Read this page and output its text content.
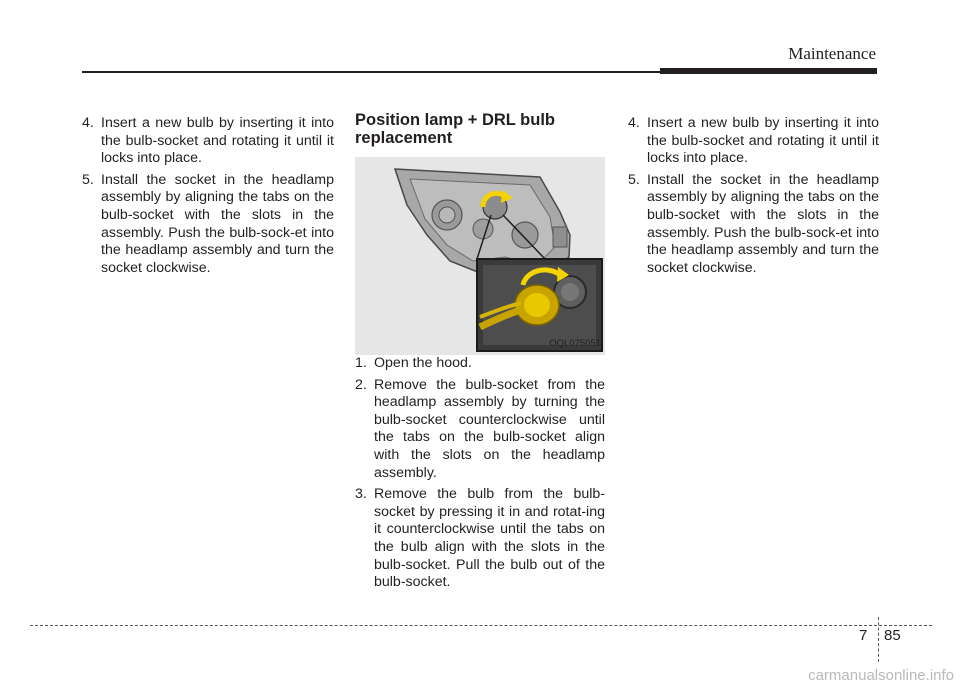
Maintenance
4. Insert a new bulb by inserting it into the bulb-socket and rotating it until it locks into place.
5. Install the socket in the headlamp assembly by aligning the tabs on the bulb-socket with the slots in the assembly. Push the bulb-sock-et into the headlamp assembly and turn the socket clockwise.
Position lamp + DRL bulb replacement
OQL075051
1. Open the hood.
2. Remove the bulb-socket from the headlamp assembly by turning the bulb-socket counterclockwise until the tabs on the bulb-socket align with the slots on the headlamp assembly.
3. Remove the bulb from the bulb-socket by pressing it in and rotat-ing it counterclockwise until the tabs on the bulb align with the slots in the bulb-socket. Pull the bulb out of the bulb-socket.
4. Insert a new bulb by inserting it into the bulb-socket and rotating it until it locks into place.
5. Install the socket in the headlamp assembly by aligning the tabs on the bulb-socket with the slots in the assembly. Push the bulb-sock-et into the headlamp assembly and turn the socket clockwise.
7 85
carmanualsonline.info
